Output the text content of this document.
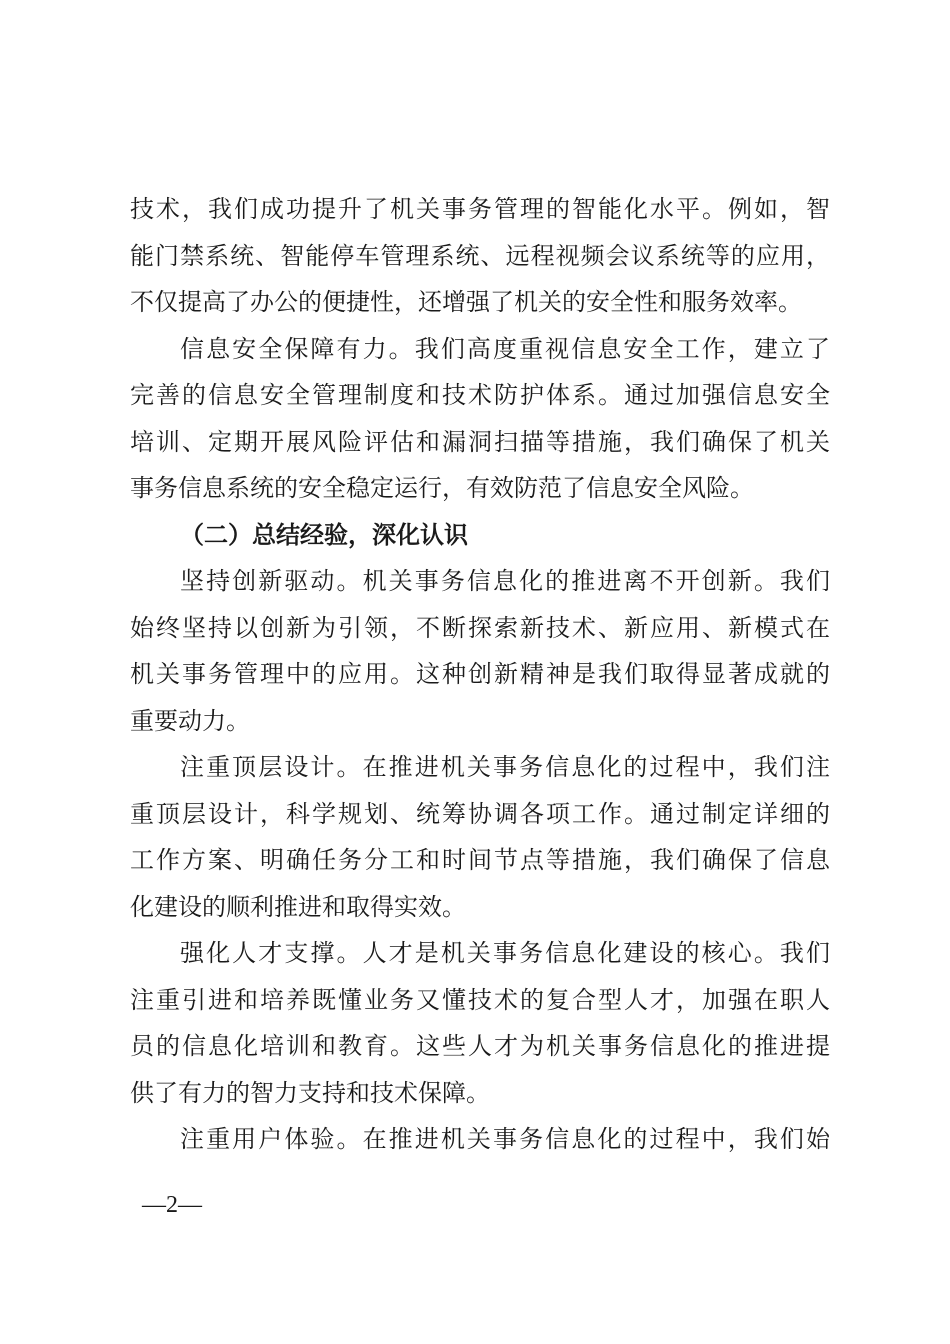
技术，我们成功提升了机关事务管理的智能化水平。例如，智
能门禁系统、智能停车管理系统、远程视频会议系统等的应用，
不仅提高了办公的便捷性，还增强了机关的安全性和服务效率。
信息安全保障有力。我们高度重视信息安全工作，建立了
完善的信息安全管理制度和技术防护体系。通过加强信息安全
培训、定期开展风险评估和漏洞扫描等措施，我们确保了机关
事务信息系统的安全稳定运行，有效防范了信息安全风险。
（二）总结经验，深化认识
坚持创新驱动。机关事务信息化的推进离不开创新。我们
始终坚持以创新为引领，不断探索新技术、新应用、新模式在
机关事务管理中的应用。这种创新精神是我们取得显著成就的
重要动力。
注重顶层设计。在推进机关事务信息化的过程中，我们注
重顶层设计，科学规划、统筹协调各项工作。通过制定详细的
工作方案、明确任务分工和时间节点等措施，我们确保了信息
化建设的顺利推进和取得实效。
强化人才支撑。人才是机关事务信息化建设的核心。我们
注重引进和培养既懂业务又懂技术的复合型人才，加强在职人
员的信息化培训和教育。这些人才为机关事务信息化的推进提
供了有力的智力支持和技术保障。
注重用户体验。在推进机关事务信息化的过程中，我们始
—2—
